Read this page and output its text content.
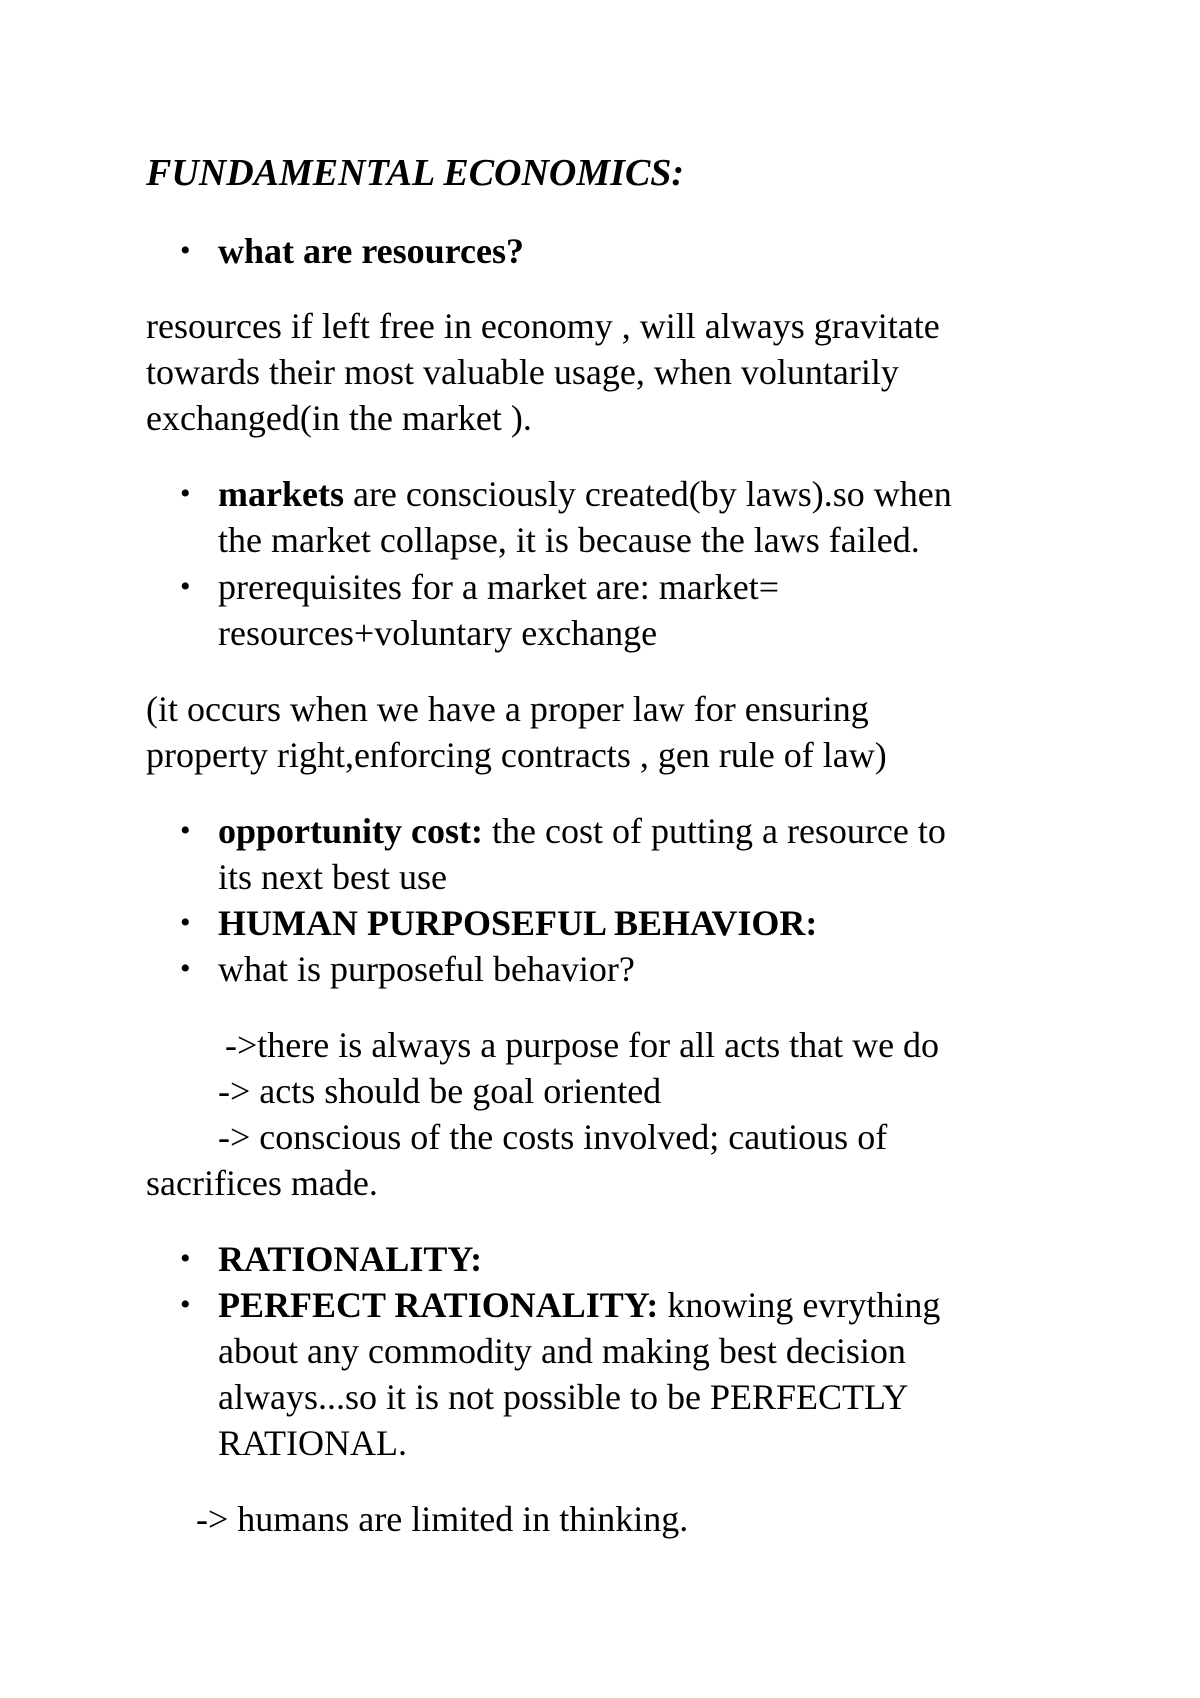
FUNDAMENTAL ECONOMICS:
•

what are resources?

resources if left free in economy , will always gravitate

towards their most valuable usage, when voluntarily

exchanged(in the market ).

•

markets are consciously created(by laws).so when

the market collapse, it is because the laws failed.

•

prerequisites for a market are: market=

resources+voluntary exchange

(it occurs when we have a proper law for ensuring

property right,enforcing contracts , gen rule of law)

•

opportunity cost: the cost of putting a resource to

its next best use

•

HUMAN PURPOSEFUL BEHAVIOR:

•

what is purposeful behavior?

->there is always a purpose for all acts that we do

-> acts should be goal oriented

-> conscious of the costs involved; cautious of

sacrifices made.

•

RATIONALITY:

•

PERFECT RATIONALITY: knowing evrything

about any commodity and making best decision

always...so it is not possible to be PERFECTLY

RATIONAL.

-> humans are limited in thinking.
